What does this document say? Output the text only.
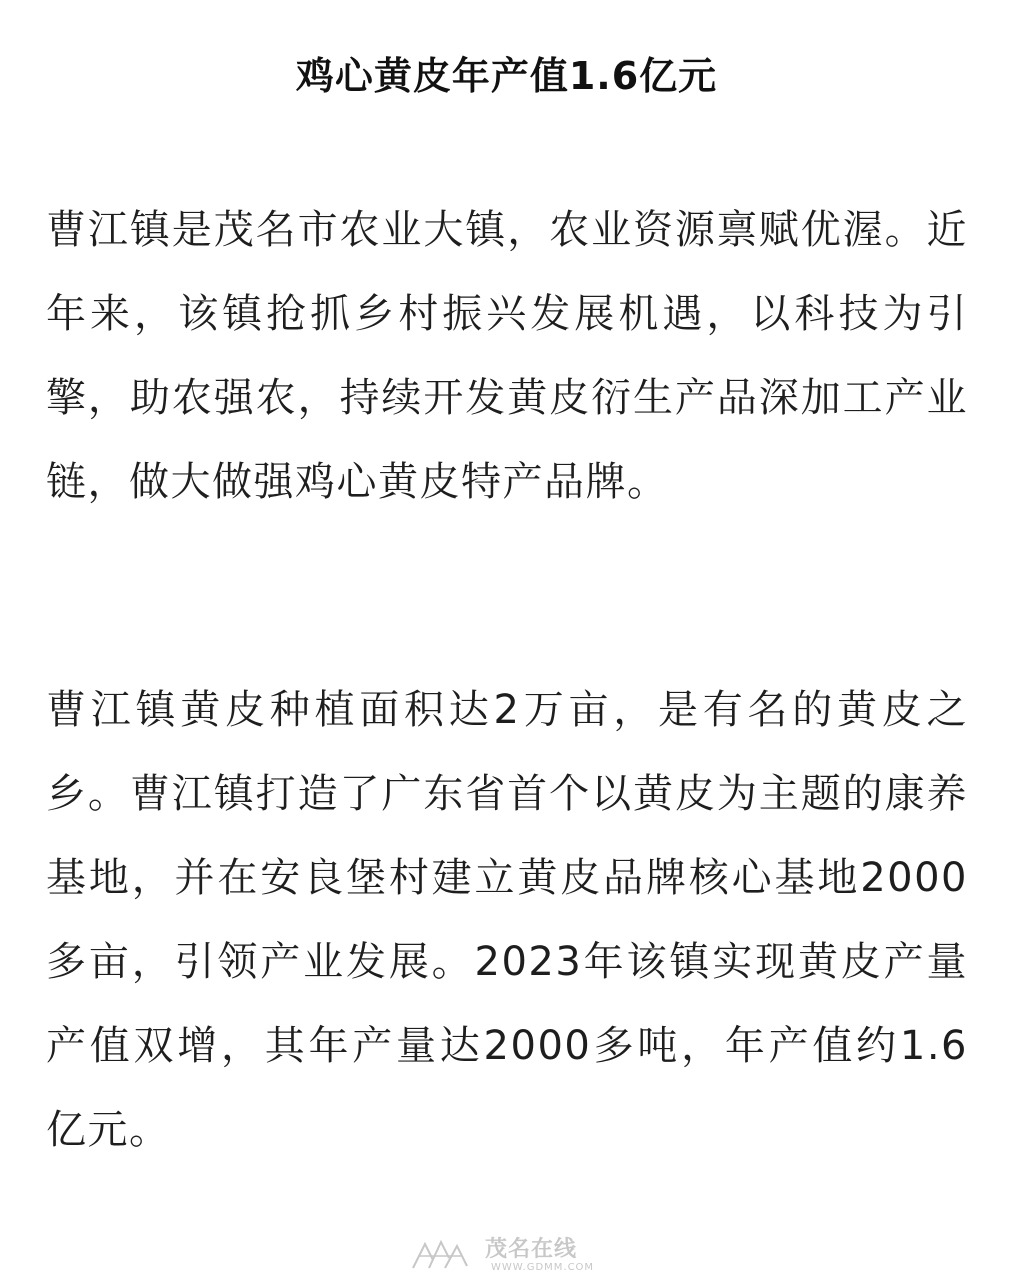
鸡心黄皮年产值1.6亿元

曹江镇是茂名市农业大镇，农业资源禀赋优渥。近年来，该镇抢抓乡村振兴发展机遇，以科技为引擎，助农强农，持续开发黄皮衍生产品深加工产业链，做大做强鸡心黄皮特产品牌。

曹江镇黄皮种植面积达2万亩，是有名的黄皮之乡。曹江镇打造了广东省首个以黄皮为主题的康养基地，并在安良堡村建立黄皮品牌核心基地2000多亩，引领产业发展。2023年该镇实现黄皮产量产值双增，其年产量达2000多吨，年产值约1.6亿元。

茂名在线
WWW.GDMM.COM
